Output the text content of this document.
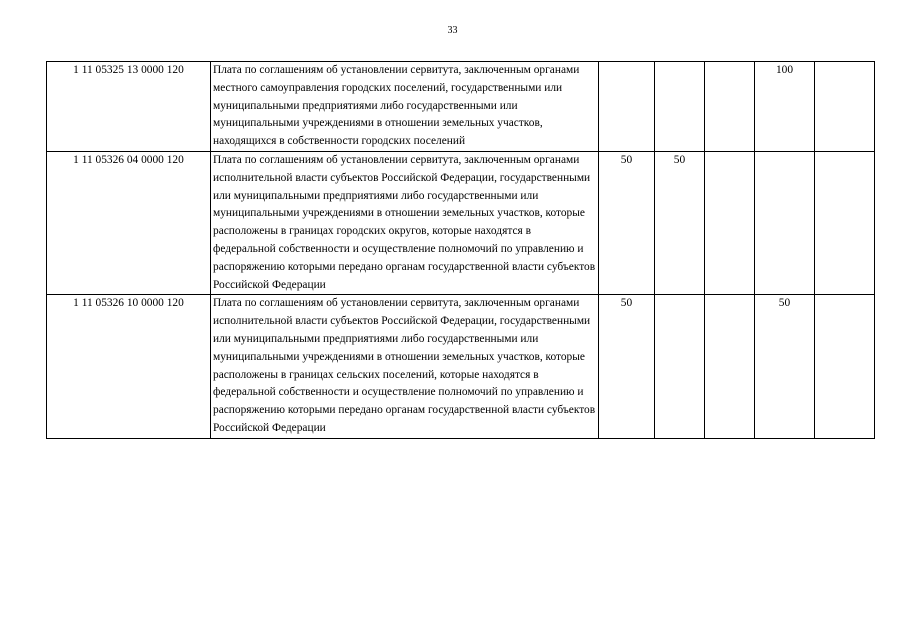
33
1 11 05325 13 0000 120	Плата по соглашениям об установлении сервитута, заключенным органами местного самоуправления городских поселений, государственными или муниципальными предприятиями либо государственными или муниципальными учреждениями в отношении земельных участков, находящихся в собственности городских поселений				100	
1 11 05326 04 0000 120	Плата по соглашениям об установлении сервитута, заключенным органами исполнительной власти субъектов Российской Федерации, государственными или муниципальными предприятиями либо государственными или муниципальными учреждениями в отношении земельных участков, которые расположены в границах городских округов, которые находятся в федеральной собственности и осуществление полномочий по управлению и распоряжению которыми передано органам государственной власти субъектов Российской Федерации	50	50			
1 11 05326 10 0000 120	Плата по соглашениям об установлении сервитута, заключенным органами исполнительной власти субъектов Российской Федерации, государственными или муниципальными предприятиями либо государственными или муниципальными учреждениями в отношении земельных участков, которые расположены в границах сельских поселений, которые находятся в федеральной собственности и осуществление полномочий по управлению и распоряжению которыми передано органам государственной власти субъектов Российской Федерации	50			50	
